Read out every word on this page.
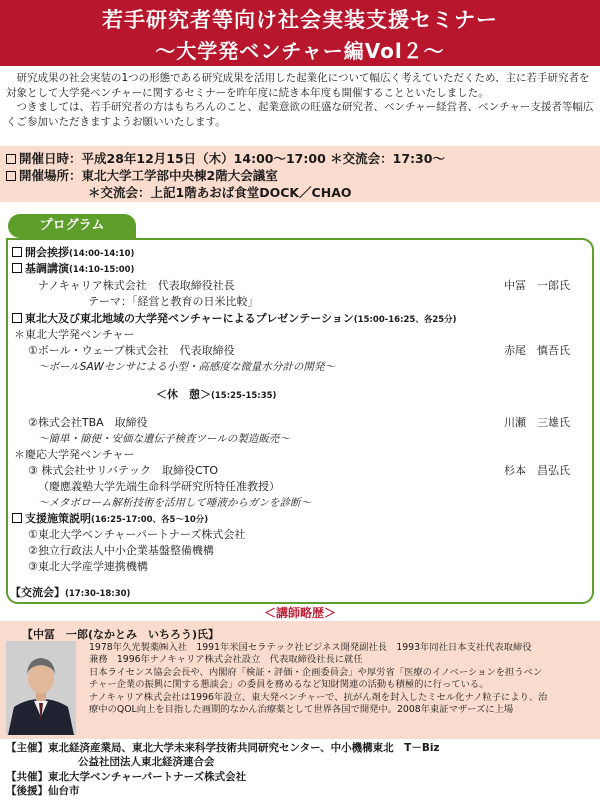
若手研究者等向け社会実装支援セミナー
～大学発ベンチャー編Vol２～

研究成果の社会実装の1つの形態である研究成果を活用した起業化について幅広く考えていただくため、主に若手研究者を対象として大学発ベンチャーに関するセミナーを昨年度に続き本年度も開催することといたしました。

つきましては、若手研究者の方はもちろんのこと、起業意欲の旺盛な研究者、ベンチャー経営者、ベンチャー支援者等幅広くご参加いただきますようお願いいたします。

開催日時：平成28年12月15日（木）14:00～17:00 ＊交流会：17:30～
開催場所：東北大学工学部中央棟2階大会議室
＊交流会：上記1階あおば食堂DOCK／CHAO
プログラム
開会挨拶(14:00-14:10)
基調講演(14:10-15:00)
ナノキャリア株式会社　代表取締役社長	中冨　一郎氏
テーマ：「経営と教育の日米比較」
東北大及び東北地域の大学発ベンチャーによるプレゼンテーション(15:00-16:25、各25分)
＊東北大学発ベンチャー
①ボール・ウェーブ株式会社　代表取締役	赤尾　慎吾氏
～ボールSAWセンサによる小型・高感度な微量水分計の開発～
＜休　憩＞(15:25-15:35)
②株式会社TBA　取締役	川瀬　三雄氏
～簡単・簡便・安価な遺伝子検査ツールの製造販売～
＊慶応大学発ベンチャー
③ 株式会社サリバテック　取締役CTO	杉本　昌弘氏
（慶應義塾大学先端生命科学研究所特任准教授）
～メタボローム解析技術を活用して唾液からガンを診断～
支援施策説明(16:25-17:00、各5～10分)
①東北大学ベンチャーパートナーズ株式会社
②独立行政法人中小企業基盤整備機構
③東北大学産学連携機構
【交流会】(17:30-18:30)
＜講師略歴＞
【中冨　一郎(なかとみ　いちろう)氏】
1978年久光製薬㈱入社　1991年米国セラテック社ビジネス開発副社長　1993年同社日本支社代表取締役
兼務　1996年ナノキャリア株式会社設立　代表取締役社長に就任
日本ライセンス協会会長や、内閣府「検証・評価・企画委員会」や厚労省「医療のイノベーションを担うベン
チャー企業の振興に関する懇談会」の委員を務めるなど知財関連の活動も積極的に行っている。
ナノキャリア株式会社は1996年設立、東大発ベンチャーで、抗がん剤を封入したミセル化ナノ粒子により、治
療中のQOL向上を目指した画期的なかん治療薬として世界各国で開発中。2008年東証マザーズに上場
【主催】東北経済産業局、東北大学未来科学技術共同研究センター、中小機構東北　T－Biz
公益社団法人東北経済連合会
【共催】東北大学ベンチャーパートナーズ株式会社
【後援】仙台市
